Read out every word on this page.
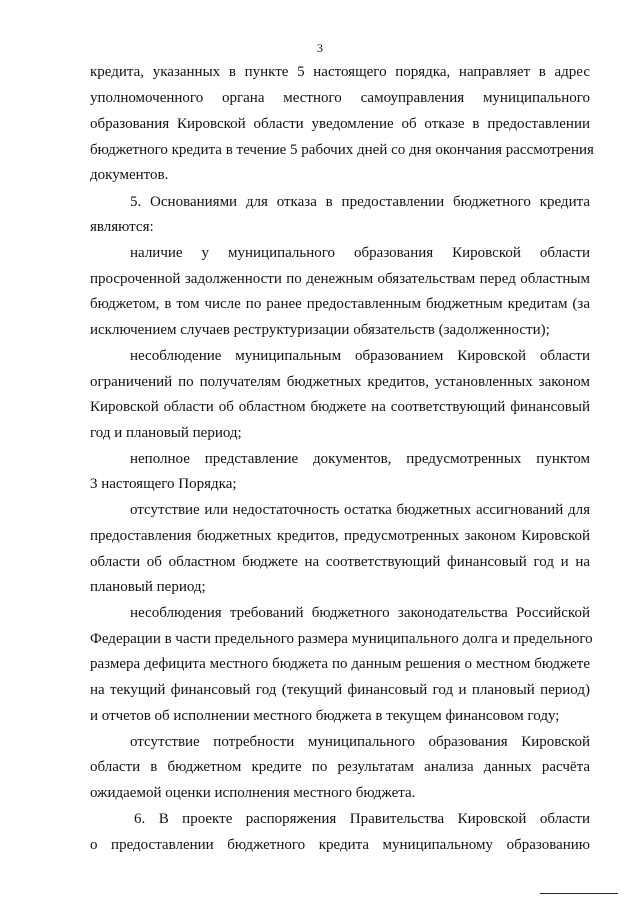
3
кредита, указанных в пункте 5 настоящего порядка, направляет в адрес
уполномоченного органа местного самоуправления муниципального
образования Кировской области уведомление об отказе в предоставлении
бюджетного кредита в течение 5 рабочих дней со дня окончания рассмотрения
документов.
5. Основаниями для отказа в предоставлении бюджетного кредита
являются:
наличие у муниципального образования Кировской области
просроченной задолженности по денежным обязательствам перед областным
бюджетом, в том числе по ранее предоставленным бюджетным кредитам (за
исключением случаев реструктуризации обязательств (задолженности);
несоблюдение муниципальным образованием Кировской области
ограничений по получателям бюджетных кредитов, установленных законом
Кировской области об областном бюджете на соответствующий финансовый
год и плановый период;
неполное представление документов, предусмотренных пунктом
3 настоящего Порядка;
отсутствие или недостаточность остатка бюджетных ассигнований для
предоставления бюджетных кредитов, предусмотренных законом Кировской
области об областном бюджете на соответствующий финансовый год и на
плановый период;
несоблюдения требований бюджетного законодательства Российской
Федерации в части предельного размера муниципального долга и предельного
размера дефицита местного бюджета по данным решения о местном бюджете
на текущий финансовый год (текущий финансовый год и плановый период)
и отчетов об исполнении местного бюджета в текущем финансовом году;
отсутствие потребности муниципального образования Кировской
области в бюджетном кредите по результатам анализа данных расчёта
ожидаемой оценки исполнения местного бюджета.
6. В проекте распоряжения Правительства Кировской области
о предоставлении бюджетного кредита муниципальному образованию
